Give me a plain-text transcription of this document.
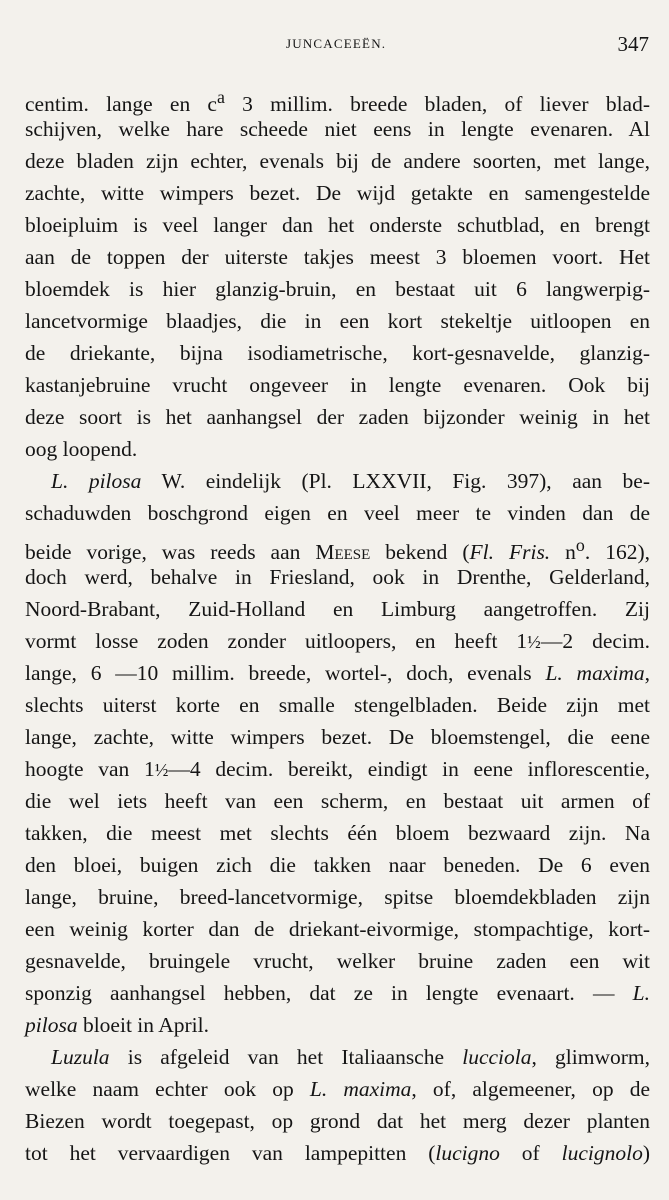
JUNCACEEËN.	347
centim. lange en $c^a$ 3 millim. breede bladen, of liever blad-
schijven, welke hare scheede niet eens in lengte evenaren. Al
deze bladen zijn echter, evenals bij de andere soorten, met lange,
zachte, witte wimpers bezet. De wijd getakte en samengestelde
bloeipluim is veel langer dan het onderste schutblad, en brengt
aan de toppen der uiterste takjes meest 3 bloemen voort. Het
bloemdek is hier glanzig-bruin, en bestaat uit 6 langwerpig-
lancetvormige blaadjes, die in een kort stekeltje uitloopen en
de driekante, bijna isodiametrische, kort-gesnavelde, glanzig-
kastanjebruine vrucht ongeveer in lengte evenaren. Ook bij
deze soort is het aanhangsel der zaden bijzonder weinig in het
oog loopend.
L. pilosa W. eindelijk (Pl. LXXVII, Fig. 397), aan be-
schaduwden boschgrond eigen en veel meer te vinden dan de
beide vorige, was reeds aan Meese bekend (Fl. Fris. $n^o$. 162),
doch werd, behalve in Friesland, ook in Drenthe, Gelderland,
Noord-Brabant, Zuid-Holland en Limburg aangetroffen. Zij
vormt losse zoden zonder uitloopers, en heeft 1½—2 decim.
lange, 6 —10 millim. breede, wortel-, doch, evenals L. maxima,
slechts uiterst korte en smalle stengelbladen. Beide zijn met
lange, zachte, witte wimpers bezet. De bloemstengel, die eene
hoogte van 1½—4 decim. bereikt, eindigt in eene inflorescentie,
die wel iets heeft van een scherm, en bestaat uit armen of
takken, die meest met slechts één bloem bezwaard zijn. Na
den bloei, buigen zich die takken naar beneden. De 6 even
lange, bruine, breed-lancetvormige, spitse bloemdekbladen zijn
een weinig korter dan de driekant-eivormige, stompachtige, kort-
gesnavelde, bruingele vrucht, welker bruine zaden een wit
sponzig aanhangsel hebben, dat ze in lengte evenaart. — L.
pilosa bloeit in April.
Luzula is afgeleid van het Italiaansche lucciola, glimworm,
welke naam echter ook op L. maxima, of, algemeener, op de
Biezen wordt toegepast, op grond dat het merg dezer planten
tot het vervaardigen van lampepitten (lucigno of lucignolo)
